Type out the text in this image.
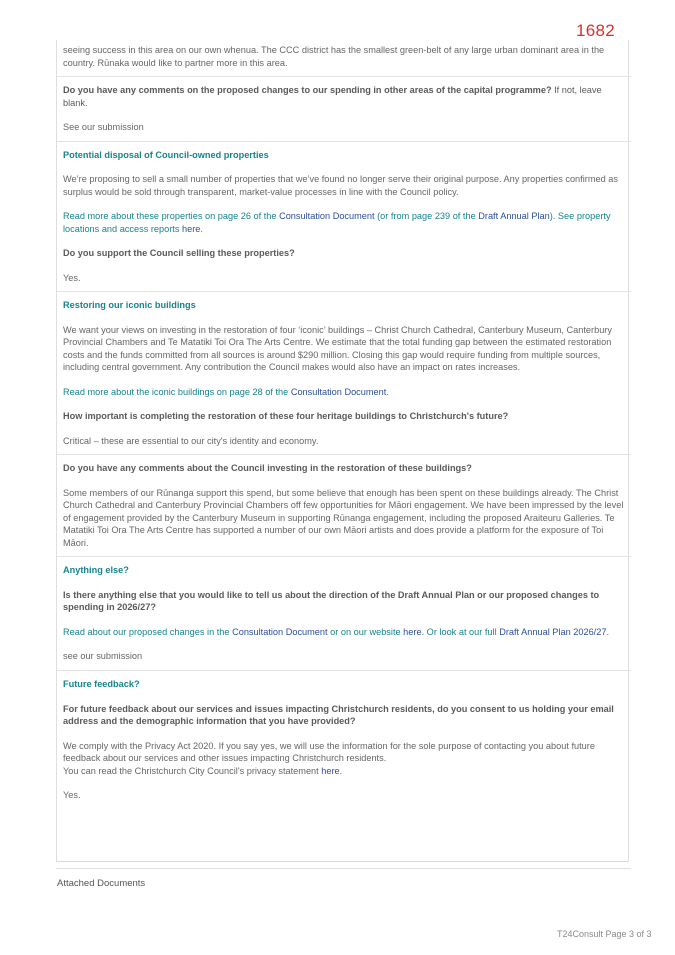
1682

seeing success in this area on our own whenua. The CCC district has the smallest green-belt of any large urban dominant area in the country. Rūnaka would like to partner more in this area.

Do you have any comments on the proposed changes to our spending in other areas of the capital programme? If not, leave blank.

See our submission

Potential disposal of Council-owned properties

We’re proposing to sell a small number of properties that we’ve found no longer serve their original purpose. Any properties confirmed as surplus would be sold through transparent, market-value processes in line with the Council policy.

Read more about these properties on page 26 of the Consultation Document (or from page 239 of the Draft Annual Plan). See property locations and access reports here.

Do you support the Council selling these properties?

Yes.

Restoring our iconic buildings

We want your views on investing in the restoration of four ‘iconic’ buildings – Christ Church Cathedral, Canterbury Museum, Canterbury Provincial Chambers and Te Matatiki Toi Ora The Arts Centre. We estimate that the total funding gap between the estimated restoration costs and the funds committed from all sources is around $290 million. Closing this gap would require funding from multiple sources, including central government. Any contribution the Council makes would also have an impact on rates increases.

Read more about the iconic buildings on page 28 of the Consultation Document.

How important is completing the restoration of these four heritage buildings to Christchurch's future?

Critical – these are essential to our city's identity and economy.

Do you have any comments about the Council investing in the restoration of these buildings?

Some members of our Rūnanga support this spend, but some believe that enough has been spent on these buildings already. The Christ Church Cathedral and Canterbury Provincial Chambers off few opportunities for Māori engagement. We have been impressed by the level of engagement provided by the Canterbury Museum in supporting Rūnanga engagement, including the proposed Araiteuru Galleries. Te Matatiki Toi Ora The Arts Centre has supported a number of our own Māori artists and does provide a platform for the exposure of Toi Māori.

Anything else?

Is there anything else that you would like to tell us about the direction of the Draft Annual Plan or our proposed changes to spending in 2026/27?

Read about our proposed changes in the Consultation Document or on our website here. Or look at our full Draft Annual Plan 2026/27.

see our submission

Future feedback?

For future feedback about our services and issues impacting Christchurch residents, do you consent to us holding your email address and the demographic information that you have provided?

We comply with the Privacy Act 2020. If you say yes, we will use the information for the sole purpose of contacting you about future feedback about our services and other issues impacting Christchurch residents.

You can read the Christchurch City Council's privacy statement here.

Yes.

Attached Documents
T24Consult Page 3 of 3
